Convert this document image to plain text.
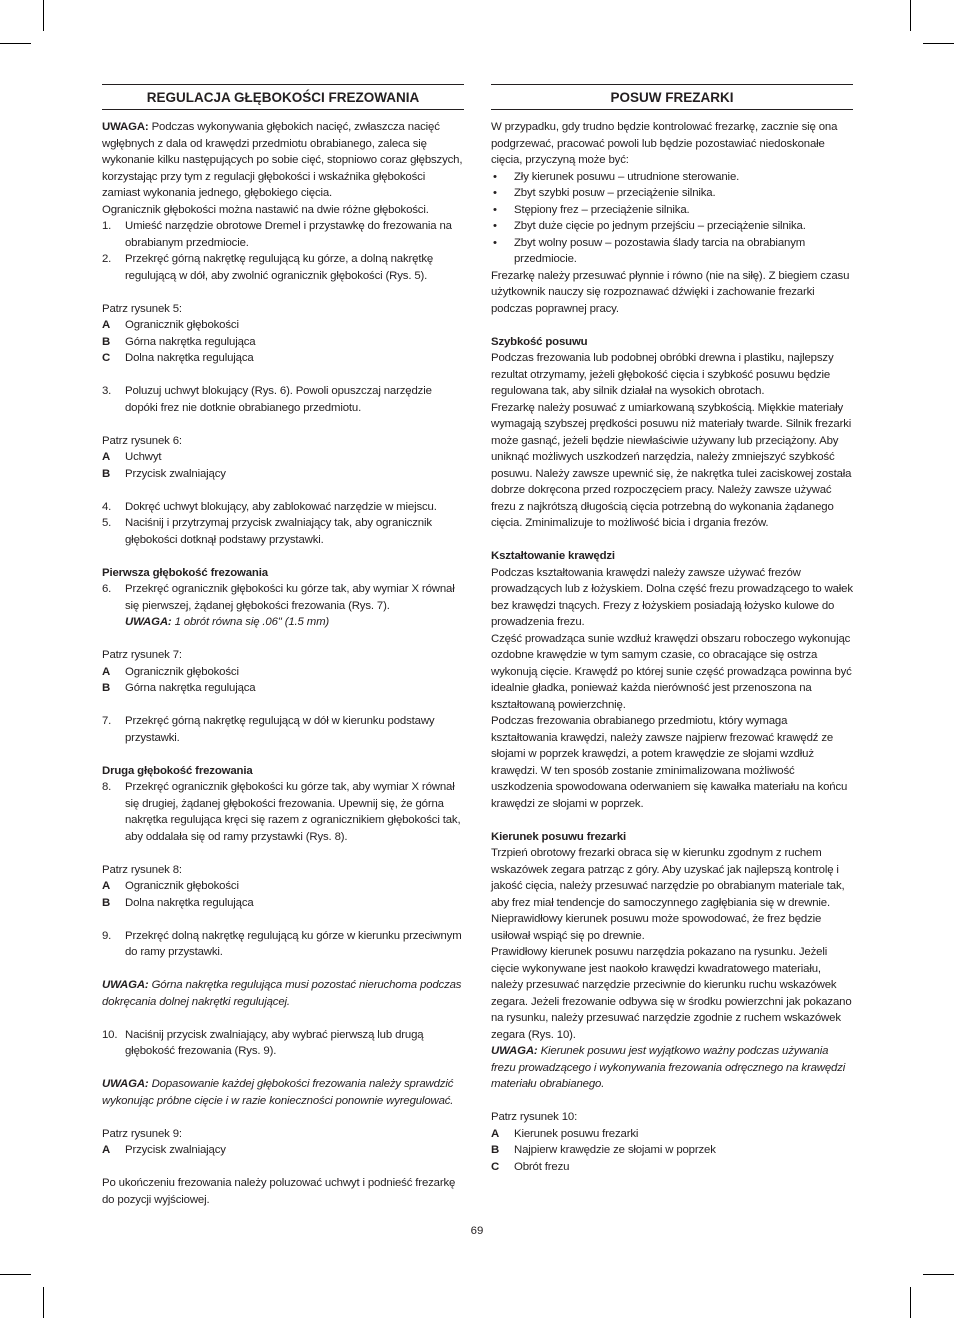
REGULACJA GŁĘBOKOŚCI FREZOWANIA

UWAGA: Podczas wykonywania głębokich nacięć, zwłaszcza nacięć wgłębnych z dala od krawędzi przedmiotu obrabianego, zaleca się wykonanie kilku następujących po sobie cięć, stopniowo coraz głębszych, korzystając przy tym z regulacji głębokości i wskaźnika głębokości zamiast wykonania jednego, głębokiego cięcia.

Ogranicznik głębokości można nastawić na dwie różne głębokości.

1.	Umieść narzędzie obrotowe Dremel i przystawkę do frezowania na obrabianym przedmiocie.
2.	Przekręć górną nakrętkę regulującą ku górze, a dolną nakrętkę regulującą w dół, aby zwolnić ogranicznik głębokości (Rys. 5).

Patrz rysunek 5:

A	Ogranicznik głębokości
B	Górna nakrętka regulująca
C	Dolna nakrętka regulująca
3.	Poluzuj uchwyt blokujący (Rys. 6). Powoli opuszczaj narzędzie dopóki frez nie dotknie obrabianego przedmiotu.

Patrz rysunek 6:

A	Uchwyt
B	Przycisk zwalniający
4.	Dokręć uchwyt blokujący, aby zablokować narzędzie w miejscu.
5.	Naciśnij i przytrzymaj przycisk zwalniający tak, aby ogranicznik głębokości dotknął podstawy przystawki.

Pierwsza głębokość frezowania

6.	Przekręć ogranicznik głębokości ku górze tak, aby wymiar X równał się pierwszej, żądanej głębokości frezowania (Rys. 7).
UWAGA: 1 obrót równa się .06" (1.5 mm)

Patrz rysunek 7:

A	Ogranicznik głębokości
B	Górna nakrętka regulująca
7.	Przekręć górną nakrętkę regulującą w dół w kierunku podstawy przystawki.

Druga głębokość frezowania

8.	Przekręć ogranicznik głębokości ku górze tak, aby wymiar X równał się drugiej, żądanej głębokości frezowania. Upewnij się, że górna nakrętka regulująca kręci się razem z ogranicznikiem głębokości tak, aby oddalała się od ramy przystawki (Rys. 8).

Patrz rysunek 8:

A	Ogranicznik głębokości
B	Dolna nakrętka regulująca
9.	Przekręć dolną nakrętkę regulującą ku górze w kierunku przeciwnym do ramy przystawki.

UWAGA: Górna nakrętka regulująca musi pozostać nieruchoma podczas dokręcania dolnej nakrętki regulującej.

10. Naciśnij przycisk zwalniający, aby wybrać pierwszą lub drugą głębokość frezowania (Rys. 9).

UWAGA: Dopasowanie każdej głębokości frezowania należy sprawdzić wykonując próbne cięcie i w razie konieczności ponownie wyregulować.

Patrz rysunek 9:

A	Przycisk zwalniający

Po ukończeniu frezowania należy poluzować uchwyt i podnieść frezarkę do pozycji wyjściowej.

POSUW FREZARKI

W przypadku, gdy trudno będzie kontrolować frezarkę, zacznie się ona podgrzewać, pracować powoli lub będzie pozostawiać niedoskonałe cięcia, przyczyną może być:

•	Zły kierunek posuwu – utrudnione sterowanie.
•	Zbyt szybki posuw – przeciążenie silnika.
•	Stępiony frez – przeciążenie silnika.
•	Zbyt duże cięcie po jednym przejściu – przeciążenie silnika.
•	Zbyt wolny posuw – pozostawia ślady tarcia na obrabianym przedmiocie.

Frezarkę należy przesuwać płynnie i równo (nie na siłę). Z biegiem czasu użytkownik nauczy się rozpoznawać dźwięki i zachowanie frezarki podczas poprawnej pracy.

Szybkość posuwu

Podczas frezowania lub podobnej obróbki drewna i plastiku, najlepszy rezultat otrzymamy, jeżeli głębokość cięcia i szybkość posuwu będzie regulowana tak, aby silnik działał na wysokich obrotach.

Frezarkę należy posuwać z umiarkowaną szybkością. Miękkie materiały wymagają szybszej prędkości posuwu niż materiały twarde. Silnik frezarki może gasnąć, jeżeli będzie niewłaściwie używany lub przeciążony. Aby uniknąć możliwych uszkodzeń narzędzia, należy zmniejszyć szybkość posuwu. Należy zawsze upewnić się, że nakrętka tulei zaciskowej została dobrze dokręcona przed rozpoczęciem pracy. Należy zawsze używać frezu z najkrótszą długością cięcia potrzebną do wykonania żądanego cięcia. Zminimalizuje to możliwość bicia i drgania frezów.

Kształtowanie krawędzi

Podczas kształtowania krawędzi należy zawsze używać frezów prowadzących lub z łożyskiem. Dolna część frezu prowadzącego to wałek bez krawędzi tnących. Frezy z łożyskiem posiadają łożysko kulowe do prowadzenia frezu.

Część prowadząca sunie wzdłuż krawędzi obszaru roboczego wykonując ozdobne krawędzie w tym samym czasie, co obracające się ostrza wykonują cięcie. Krawędź po której sunie część prowadząca powinna być idealnie gładka, ponieważ każda nierówność jest przenoszona na kształtowaną powierzchnię.

Podczas frezowania obrabianego przedmiotu, który wymaga kształtowania krawędzi, należy zawsze najpierw frezować krawędź ze słojami w poprzek krawędzi, a potem krawędzie ze słojami wzdłuż krawędzi. W ten sposób zostanie zminimalizowana możliwość uszkodzenia spowodowana oderwaniem się kawałka materiału na końcu krawędzi ze słojami w poprzek.

Kierunek posuwu frezarki

Trzpień obrotowy frezarki obraca się w kierunku zgodnym z ruchem wskazówek zegara patrząc z góry. Aby uzyskać jak najlepszą kontrolę i jakość cięcia, należy przesuwać narzędzie po obrabianym materiale tak, aby frez miał tendencje do samoczynnego zagłębiania się w drewnie. Nieprawidłowy kierunek posuwu może spowodować, że frez będzie usiłował wspiąć się po drewnie.

Prawidłowy kierunek posuwu narzędzia pokazano na rysunku. Jeżeli cięcie wykonywane jest naokoło krawędzi kwadratowego materiału, należy przesuwać narzędzie przeciwnie do kierunku ruchu wskazówek zegara. Jeżeli frezowanie odbywa się w środku powierzchni jak pokazano na rysunku, należy przesuwać narzędzie zgodnie z ruchem wskazówek zegara (Rys. 10).

UWAGA: Kierunek posuwu jest wyjątkowo ważny podczas używania frezu prowadzącego i wykonywania frezowania odręcznego na krawędzi materiału obrabianego.

Patrz rysunek 10:

A	Kierunek posuwu frezarki
B	Najpierw krawędzie ze słojami w poprzek
C	Obrót frezu
69
